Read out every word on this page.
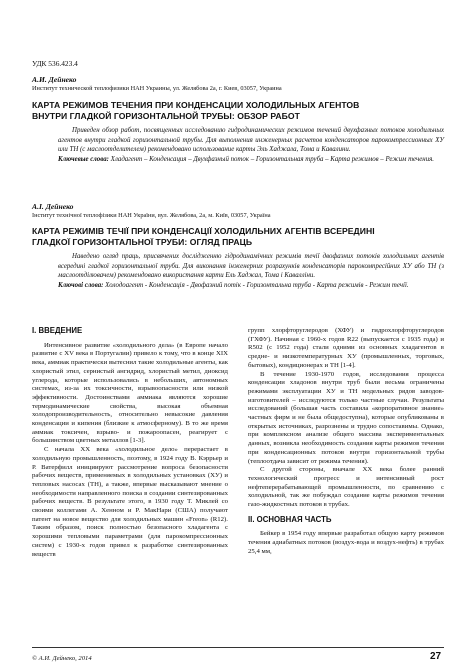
УДК 536.423.4
А.И. Дейнеко
Институт технической теплофизики НАН Украины, ул. Желябова 2а, г. Киев, 03057, Украина
КАРТА РЕЖИМОВ ТЕЧЕНИЯ ПРИ КОНДЕНСАЦИИ ХОЛОДИЛЬНЫХ АГЕНТОВ
ВНУТРИ ГЛАДКОЙ ГОРИЗОНТАЛЬНОЙ ТРУБЫ: ОБЗОР РАБОТ

Приведен обзор работ, посвященных исследованию гидродинамических режимов течений двухфазных потоков холодильных агентов внутри гладкой горизонтальной трубы. Для выполнения инженерных расчетов конденсаторов парокомпрессионных ХУ или ТН (с маслоотделителем) рекомендовано использование карты Эль Хаджала, Тома и Кавалини.

Ключевые слова: Хладагент – Конденсация – Двухфазный поток – Горизонтальная труба – Карта режимов – Режим течения.

А.І. Дейнеко
Інститут технічної теплофізики НАН України, вул. Желябова, 2а, м. Київ, 03057, Україна
КАРТА РЕЖИМІВ ТЕЧІЇ ПРИ КОНДЕНСАЦІЇ ХОЛОДИЛЬНИХ АГЕНТІВ ВСЕРЕДИНІ
ГЛАДКОЇ ГОРИЗОНТАЛЬНОЇ ТРУБИ: ОГЛЯД ПРАЦЬ

Наведено огляд праць, присвячених дослідженню гідродинамічних режимів течії двофазних потоків холодильних агентів всередині гладкої горизонтальної труби. Для виконання інженерних розрахунків конденсаторів парокомпресійних ХУ або ТН (з маслоотділювачем) рекомендовано використання карти Ель Хаджал, Тома і Кавалліни.

Ключові слова: Холодоагент - Конденсація - Двофазний потік - Горизонтальна труба - Карта режимів - Режим течії.

I. ВВЕДЕНИЕ

Интенсивное развитие «холодильного дела» (в Европе начало развитие с XV века в Португалии) привело к тому, что в конце XIX века, аммиак практически вытеснил такие холодильные агенты, как хлористый этил, сернистый ангидрид, хлористый метил, диоксид углерода, которые использовались в небольших, автономных системах, из-за их токсичности, взрывоопасности или низкой эффективности. Достоинствами аммиака являются хорошие термодинамические свойства, высокая объемная холодопроизводительность, относительно невысокие давления конденсации и кипения (близкие к атмосферному). В то же время аммиак токсичен, взрыво- и пожароопасен, реагирует с большинством цветных металлов [1-3].

С начала XX века «холодильное дело» перерастает в холодильную промышленность, поэтому, в 1924 году В. Кэррьер и Р. Ватерфилл инициируют рассмотрение вопроса безопасности рабочих веществ, применяемых в холодильных установках (ХУ) и тепловых насосах (ТН), а также, впервые высказывают мнение о необходимости направленного поиска в создании синтезированных рабочих веществ. В результате этого, в 1930 году Т. Миклей со своими коллегами А. Хенном и Р. МакНари (США) получают патент на новое вещество для холодильных машин «Freon» (R12). Таким образом, поиск полностью безопасного хладагента с хорошими тепловыми параметрами (для парокомпрессионных систем) с 1930-х годов привел к разработке синтезированных веществ

групп хлорфторуглеродов (ХФУ) и гидрохлорфторуглеродов (ГХФУ). Начиная с 1960-х годов R22 (выпускается с 1935 года) и R502 (с 1952 года) стали одними из основных хладагентов в средне- и низкотемпературных ХУ (промышленных, торговых, бытовых), кондиционерах и ТН [1-4].

В течение 1930-1970 годов, исследования процесса конденсации хладонов внутри труб были весьма ограничены режимами эксплуатации ХУ и ТН модельных рядов заводов-изготовителей – исследуются только частные случаи. Результаты исследований (большая часть составила «корпоративное знание» частных фирм и не была общедоступна), которые опубликованы в открытых источниках, разрознены и трудно сопоставимы. Однако, при комплексном анализе общего массива экспериментальных данных, возникла необходимость создания карты режимов течения при конденсационных потоков внутри горизонтальной трубы (теплоотдача зависит от режима течения).

С другой стороны, вначале XX века более ранний технологический прогресс и интенсивный рост нефтеперерабатывающей промышленности, по сравнению с холодильной, так же побуждал создание карты режимов течения газо-жидкостных потоков в трубах.

II. ОСНОВНАЯ ЧАСТЬ

Бейкер в 1954 году впервые разработал общую карту режимов течения адиабатных потоков (воздух-вода и воздух-нефть) в трубах 25,4 мм,

© А.И. Дейнеко, 2014	27
